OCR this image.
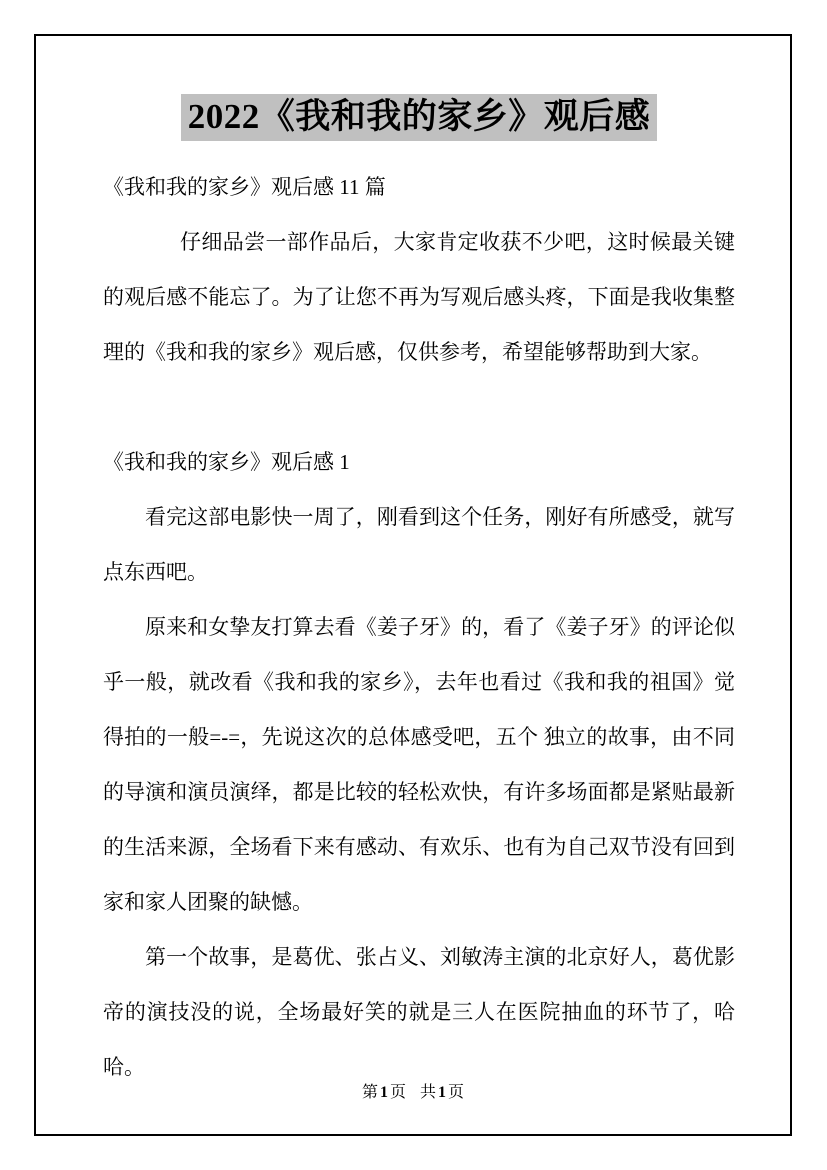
2022《我和我的家乡》观后感

《我和我的家乡》观后感 11 篇

仔细品尝一部作品后，大家肯定收获不少吧，这时候最关键的观后感不能忘了。为了让您不再为写观后感头疼，下面是我收集整理的《我和我的家乡》观后感，仅供参考，希望能够帮助到大家。

《我和我的家乡》观后感 1

看完这部电影快一周了，刚看到这个任务，刚好有所感受，就写点东西吧。

原来和女挚友打算去看《姜子牙》的，看了《姜子牙》的评论似乎一般，就改看《我和我的家乡》，去年也看过《我和我的祖国》觉得拍的一般=-=，先说这次的总体感受吧，五个 独立的故事，由不同的导演和演员演绎，都是比较的轻松欢快，有许多场面都是紧贴最新的生活来源，全场看下来有感动、有欢乐、也有为自己双节没有回到家和家人团聚的缺憾。

第一个故事，是葛优、张占义、刘敏涛主演的北京好人，葛优影帝的演技没的说，全场最好笑的就是三人在医院抽血的环节了，哈哈。

第 1 页 共 1 页
